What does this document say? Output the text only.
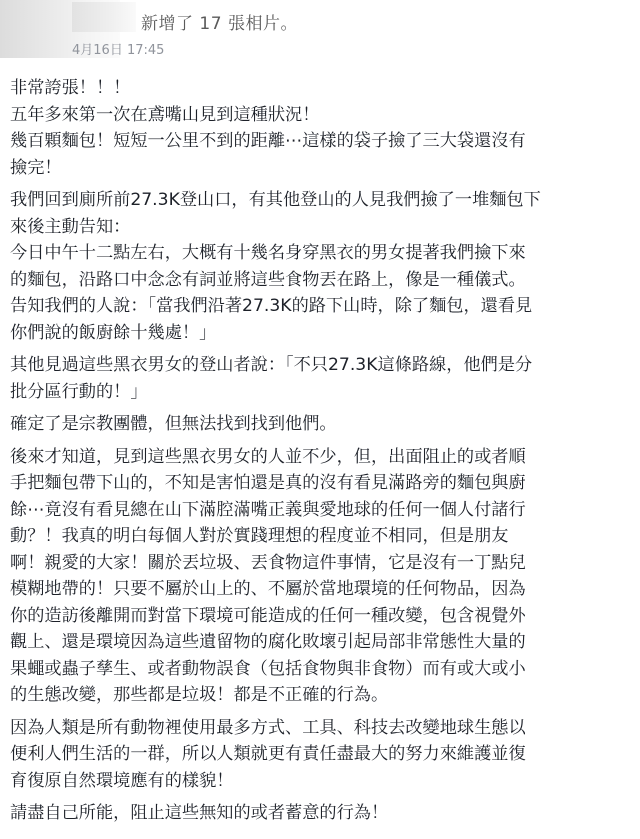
新增了 17 張相片。
4月16日 17:45
非常誇張！！！
五年多來第一次在鳶嘴山見到這種狀況！
幾百顆麵包！短短一公里不到的距離⋯這樣的袋子撿了三大袋還沒有
撿完！
我們回到廁所前27.3K登山口，有其他登山的人見我們撿了一堆麵包下
來後主動告知：
今日中午十二點左右，大概有十幾名身穿黑衣的男女提著我們撿下來
的麵包，沿路口中念念有詞並將這些食物丟在路上，像是一種儀式。
告知我們的人說：「當我們沿著27.3K的路下山時，除了麵包，還看見
你們說的飯廚餘十幾處！」
其他見過這些黑衣男女的登山者說：「不只27.3K這條路線，他們是分
批分區行動的！」
確定了是宗教團體，但無法找到找到他們。
後來才知道，見到這些黑衣男女的人並不少，但，出面阻止的或者順
手把麵包帶下山的，不知是害怕還是真的沒有看見滿路旁的麵包與廚
餘⋯竟沒有看見總在山下滿腔滿嘴正義與愛地球的任何一個人付諸行
動？！我真的明白每個人對於實踐理想的程度並不相同，但是朋友
啊！親愛的大家！關於丟垃圾、丟食物這件事情，它是沒有一丁點兒
模糊地帶的！只要不屬於山上的、不屬於當地環境的任何物品，因為
你的造訪後離開而對當下環境可能造成的任何一種改變，包含視覺外
觀上、還是環境因為這些遺留物的腐化敗壞引起局部非常態性大量的
果蠅或蟲子孳生、或者動物誤食（包括食物與非食物）而有或大或小
的生態改變，那些都是垃圾！都是不正確的行為。
因為人類是所有動物裡使用最多方式、工具、科技去改變地球生態以
便利人們生活的一群，所以人類就更有責任盡最大的努力來維護並復
育復原自然環境應有的樣貌！
請盡自己所能，阻止這些無知的或者蓄意的行為！
